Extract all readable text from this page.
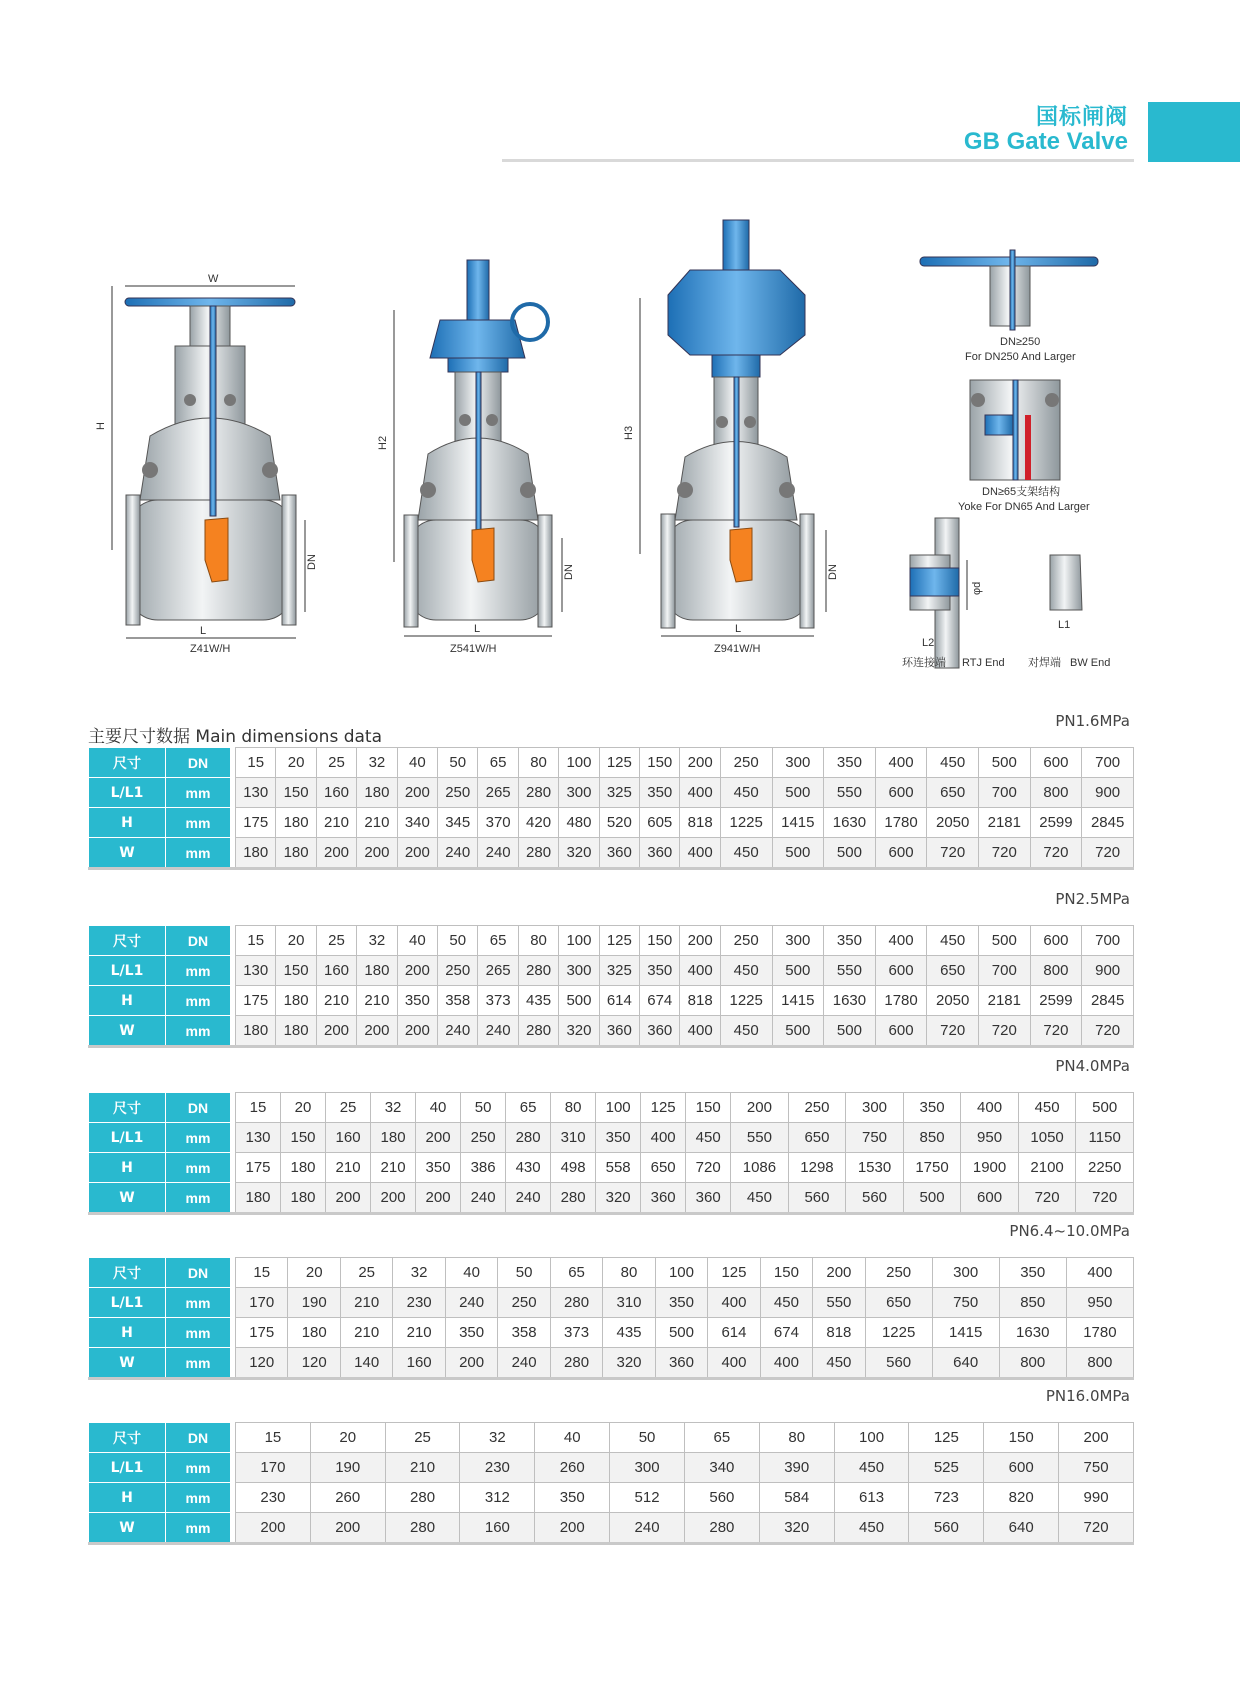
国标闸阀
GB Gate Valve
W
H
DN
L
Z41W/H
H2
DN
L
Z541W/H
H3
DN
L
Z941W/H
DN≥250
For DN250 And Larger
DN≥65支架结构
Yoke For DN65 And Larger
φd
L2
环连接端 RTJ End
L1
对焊端 BW End
主要尺寸数据 Main dimensions data
PN1.6MPa
尺寸	DN		15	20	25	32	40	50	65	80	100	125	150	200	250	300	350	400	450	500	600	700
L/L1	mm		130	150	160	180	200	250	265	280	300	325	350	400	450	500	550	600	650	700	800	900
H	mm		175	180	210	210	340	345	370	420	480	520	605	818	1225	1415	1630	1780	2050	2181	2599	2845
W	mm		180	180	200	200	200	240	240	280	320	360	360	400	450	500	500	600	720	720	720	720
PN2.5MPa
尺寸	DN		15	20	25	32	40	50	65	80	100	125	150	200	250	300	350	400	450	500	600	700
L/L1	mm		130	150	160	180	200	250	265	280	300	325	350	400	450	500	550	600	650	700	800	900
H	mm		175	180	210	210	350	358	373	435	500	614	674	818	1225	1415	1630	1780	2050	2181	2599	2845
W	mm		180	180	200	200	200	240	240	280	320	360	360	400	450	500	500	600	720	720	720	720
PN4.0MPa
尺寸	DN		15	20	25	32	40	50	65	80	100	125	150	200	250	300	350	400	450	500
L/L1	mm		130	150	160	180	200	250	280	310	350	400	450	550	650	750	850	950	1050	1150
H	mm		175	180	210	210	350	386	430	498	558	650	720	1086	1298	1530	1750	1900	2100	2250
W	mm		180	180	200	200	200	240	240	280	320	360	360	450	560	560	500	600	720	720
PN6.4~10.0MPa
尺寸	DN		15	20	25	32	40	50	65	80	100	125	150	200	250	300	350	400
L/L1	mm		170	190	210	230	240	250	280	310	350	400	450	550	650	750	850	950
H	mm		175	180	210	210	350	358	373	435	500	614	674	818	1225	1415	1630	1780
W	mm		120	120	140	160	200	240	280	320	360	400	400	450	560	640	800	800
PN16.0MPa
尺寸	DN		15	20	25	32	40	50	65	80	100	125	150	200
L/L1	mm		170	190	210	230	260	300	340	390	450	525	600	750
H	mm		230	260	280	312	350	512	560	584	613	723	820	990
W	mm		200	200	280	160	200	240	280	320	450	560	640	720
